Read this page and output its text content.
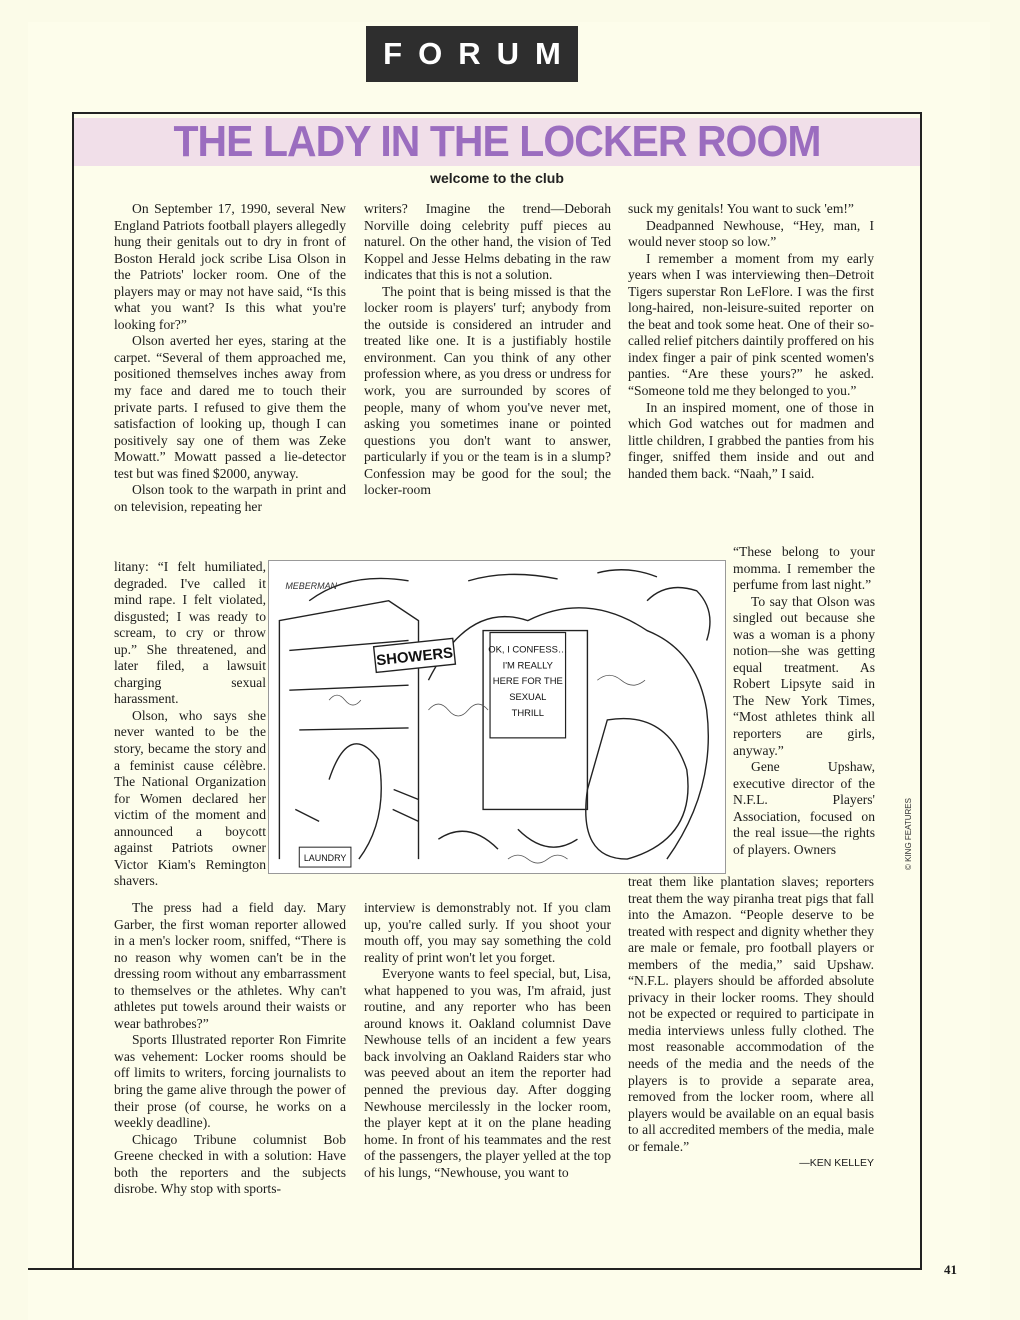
FORUM
THE LADY IN THE LOCKER ROOM
welcome to the club

On September 17, 1990, several New England Patriots football players allegedly hung their genitals out to dry in front of Boston Herald jock scribe Lisa Olson in the Patriots' locker room. One of the players may or may not have said, “Is this what you want? Is this what you're looking for?”

Olson averted her eyes, staring at the carpet. “Several of them approached me, positioned themselves inches away from my face and dared me to touch their private parts. I refused to give them the satisfaction of looking up, though I can positively say one of them was Zeke Mowatt.” Mowatt passed a lie-detector test but was fined $2000, anyway.

Olson took to the warpath in print and on television, repeating her

litany: “I felt humiliated, degraded. I've called it mind rape. I felt violated, disgusted; I was ready to scream, to cry or throw up.” She threatened, and later filed, a lawsuit charging sexual harassment.

Olson, who says she never wanted to be the story, became the story and a feminist cause célèbre. The National Organization for Women declared her victim of the moment and announced a boycott against Patriots owner Victor Kiam's Remington shavers.

writers? Imagine the trend—Deborah Norville doing celebrity puff pieces au naturel. On the other hand, the vision of Ted Koppel and Jesse Helms debating in the raw indicates that this is not a solution.

The point that is being missed is that the locker room is players' turf; anybody from the outside is considered an intruder and treated like one. It is a justifiably hostile environment. Can you think of any other profession where, as you dress or undress for work, you are surrounded by scores of people, many of whom you've never met, asking you sometimes inane or pointed questions you don't want to answer, particularly if you or the team is in a slump? Confession may be good for the soul; the locker-room

suck my genitals! You want to suck 'em!”

Deadpanned Newhouse, “Hey, man, I would never stoop so low.”

I remember a moment from my early years when I was interviewing then–Detroit Tigers superstar Ron LeFlore. I was the first long-haired, non-leisure-suited reporter on the beat and took some heat. One of their so-called relief pitchers daintily proffered on his index finger a pair of pink scented women's panties. “Are these yours?” he asked. “Someone told me they belonged to you.”

In an inspired moment, one of those in which God watches out for madmen and little children, I grabbed the panties from his finger, sniffed them inside and out and handed them back. “Naah,” I said.

“These belong to your momma. I remember the perfume from last night.”

To say that Olson was singled out because she was a woman is a phony notion—she was getting equal treatment. As Robert Lipsyte said in The New York Times, “Most athletes think all reporters are girls, anyway.”

Gene Upshaw, executive director of the N.F.L. Players' Association, focused on the real issue—the rights of players. Owners

SHOWERS	OK, I CONFESS…
I'M REALLY
HERE FOR THE
SEXUAL
THRILL
LAUNDRY
MEBERMAN

The press had a field day. Mary Garber, the first woman reporter allowed in a men's locker room, sniffed, “There is no reason why women can't be in the dressing room without any embarrassment to themselves or the athletes. Why can't athletes put towels around their waists or wear bathrobes?”

Sports Illustrated reporter Ron Fimrite was vehement: Locker rooms should be off limits to writers, forcing journalists to bring the game alive through the power of their prose (of course, he works on a weekly deadline).

Chicago Tribune columnist Bob Greene checked in with a solution: Have both the reporters and the subjects disrobe. Why stop with sports-

interview is demonstrably not. If you clam up, you're called surly. If you shoot your mouth off, you may say something the cold reality of print won't let you forget.

Everyone wants to feel special, but, Lisa, what happened to you was, I'm afraid, just routine, and any reporter who has been around knows it. Oakland columnist Dave Newhouse tells of an incident a few years back involving an Oakland Raiders star who was peeved about an item the reporter had penned the previous day. After dogging Newhouse mercilessly in the locker room, the player kept at it on the plane heading home. In front of his teammates and the rest of the passengers, the player yelled at the top of his lungs, “Newhouse, you want to

treat them like plantation slaves; reporters treat them the way piranha treat pigs that fall into the Amazon. “People deserve to be treated with respect and dignity whether they are male or female, pro football players or members of the media,” said Upshaw. “N.F.L. players should be afforded absolute privacy in their locker rooms. They should not be expected or required to participate in media interviews unless fully clothed. The most reasonable accommodation of the needs of the media and the needs of the players is to provide a separate area, removed from the locker room, where all players would be available on an equal basis to all accredited members of the media, male or female.”

—KEN KELLEY
© KING FEATURES
41
